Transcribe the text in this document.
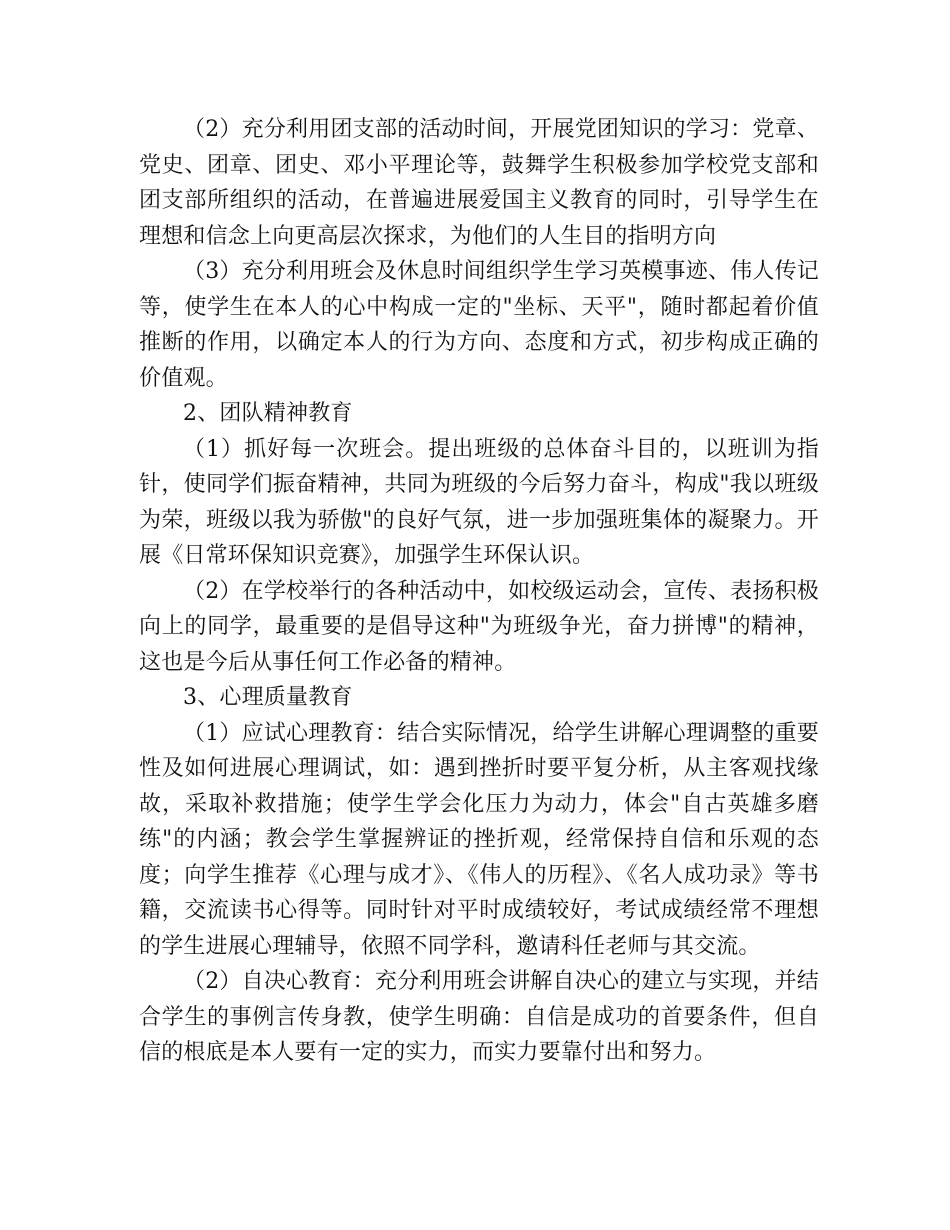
（2）充分利用团支部的活动时间，开展党团知识的学习：党章、党史、团章、团史、邓小平理论等，鼓舞学生积极参加学校党支部和团支部所组织的活动，在普遍进展爱国主义教育的同时，引导学生在理想和信念上向更高层次探求，为他们的人生目的指明方向

（3）充分利用班会及休息时间组织学生学习英模事迹、伟人传记等，使学生在本人的心中构成一定的"坐标、天平"，随时都起着价值推断的作用，以确定本人的行为方向、态度和方式，初步构成正确的价值观。

2、团队精神教育

（1）抓好每一次班会。提出班级的总体奋斗目的，以班训为指针，使同学们振奋精神，共同为班级的今后努力奋斗，构成"我以班级为荣，班级以我为骄傲"的良好气氛，进一步加强班集体的凝聚力。开展《日常环保知识竞赛》，加强学生环保认识。

（2）在学校举行的各种活动中，如校级运动会，宣传、表扬积极向上的同学，最重要的是倡导这种"为班级争光，奋力拼博"的精神，这也是今后从事任何工作必备的精神。

3、心理质量教育

（1）应试心理教育：结合实际情况，给学生讲解心理调整的重要性及如何进展心理调试，如：遇到挫折时要平复分析，从主客观找缘故，采取补救措施；使学生学会化压力为动力，体会"自古英雄多磨练"的内涵；教会学生掌握辨证的挫折观，经常保持自信和乐观的态度；向学生推荐《心理与成才》、《伟人的历程》、《名人成功录》等书籍，交流读书心得等。同时针对平时成绩较好，考试成绩经常不理想的学生进展心理辅导，依照不同学科，邀请科任老师与其交流。

（2）自决心教育：充分利用班会讲解自决心的建立与实现，并结合学生的事例言传身教，使学生明确：自信是成功的首要条件，但自信的根底是本人要有一定的实力，而实力要靠付出和努力。
